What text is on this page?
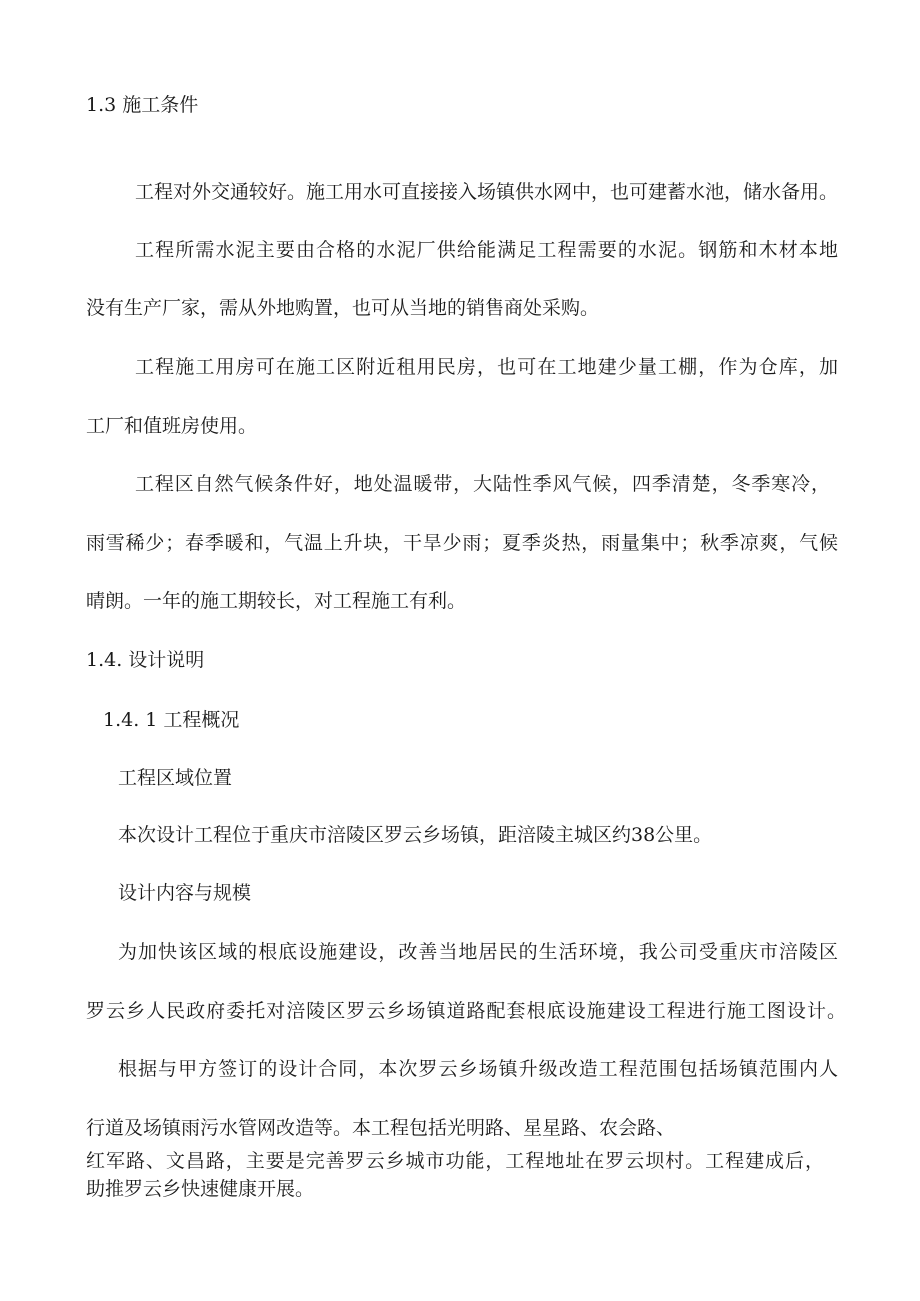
1.3 施工条件

工程对外交通较好。施工用水可直接接入场镇供水网中，也可建蓄水池，储水备用。

工程所需水泥主要由合格的水泥厂供给能满足工程需要的水泥。钢筋和木材本地

没有生产厂家，需从外地购置，也可从当地的销售商处采购。

工程施工用房可在施工区附近租用民房，也可在工地建少量工棚，作为仓库，加

工厂和值班房使用。

工程区自然气候条件好，地处温暖带，大陆性季风气候，四季清楚，冬季寒冷，

雨雪稀少；春季暖和，气温上升块，干旱少雨；夏季炎热，雨量集中；秋季凉爽，气候

晴朗。一年的施工期较长，对工程施工有利。

1.4. 设计说明

1.4. 1 工程概况

工程区域位置

本次设计工程位于重庆市涪陵区罗云乡场镇，距涪陵主城区约38公里。

设计内容与规模

为加快该区域的根底设施建设，改善当地居民的生活环境，我公司受重庆市涪陵区

罗云乡人民政府委托对涪陵区罗云乡场镇道路配套根底设施建设工程进行施工图设计。

根据与甲方签订的设计合同，本次罗云乡场镇升级改造工程范围包括场镇范围内人

行道及场镇雨污水管网改造等。本工程包括光明路、星星路、农会路、

红军路、文昌路，主要是完善罗云乡城市功能，工程地址在罗云坝村。工程建成后，

助推罗云乡快速健康开展。
